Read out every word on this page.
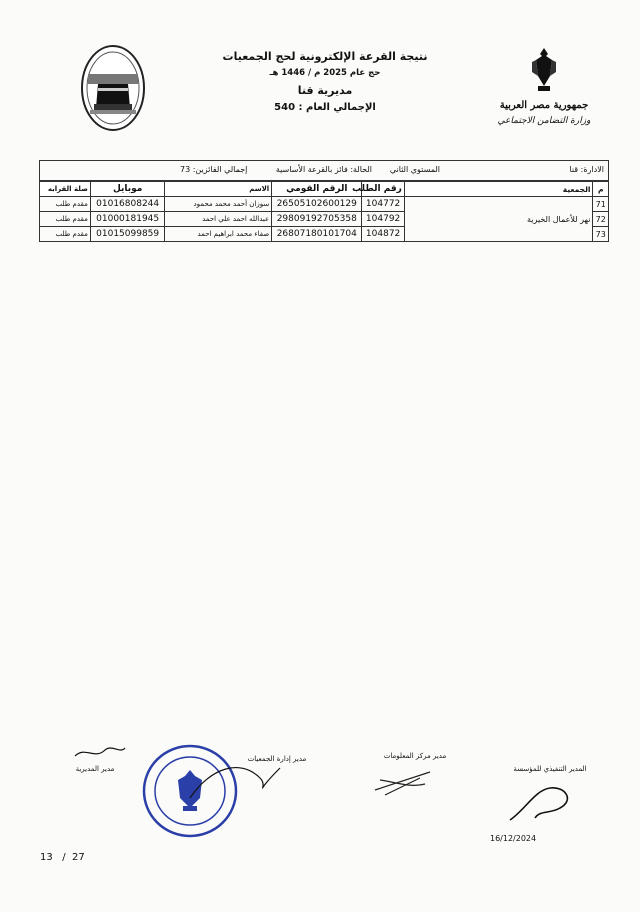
نتيجة القرعة الإلكترونية لحج الجمعيات
حج عام 2025 م / 1446 هـ
مديرية قنا
الإجمالي العام : 540	جمهورية مصر العربية
وزارة التضامن الاجتماعي
الادارة: قنا
المستوي الثاني
الحالة: فائز بالقرعة الأساسية
إجمالي الفائزين: 73
م	الجمعية	رقم الطلب	الرقم القومي	الاسم	موبايل	صلة القرابه
71	نهر للأعمال الخيرية	104772	26505102600129	سوزان أحمد محمد محمود	01016808244	مقدم طلب
72		104792	29809192705358	عبدالله احمد علي احمد	01000181945	مقدم طلب
73		104872	26807180101704	صفاء محمد ابراهيم احمد	01015099859	مقدم طلب
المدير التنفيذي للمؤسسة
مدير مركز المعلومات
مدير إدارة الجمعيات
مدير المديرية
16/12/2024
13   /  27
